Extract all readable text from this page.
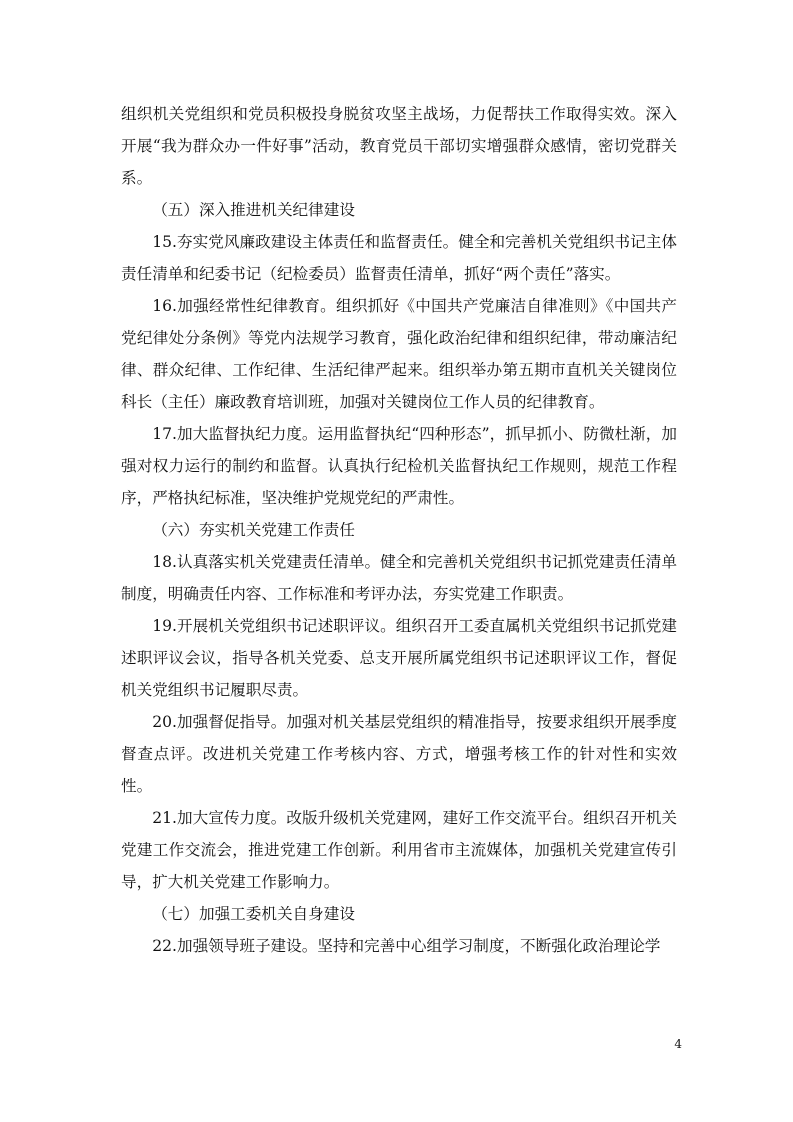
组织机关党组织和党员积极投身脱贫攻坚主战场，力促帮扶工作取得实效。深入开展“我为群众办一件好事”活动，教育党员干部切实增强群众感情，密切党群关系。

（五）深入推进机关纪律建设

15.夯实党风廉政建设主体责任和监督责任。健全和完善机关党组织书记主体责任清单和纪委书记（纪检委员）监督责任清单，抓好“两个责任”落实。

16.加强经常性纪律教育。组织抓好《中国共产党廉洁自律准则》《中国共产党纪律处分条例》等党内法规学习教育，强化政治纪律和组织纪律，带动廉洁纪律、群众纪律、工作纪律、生活纪律严起来。组织举办第五期市直机关关键岗位科长（主任）廉政教育培训班，加强对关键岗位工作人员的纪律教育。

17.加大监督执纪力度。运用监督执纪“四种形态”，抓早抓小、防微杜渐，加强对权力运行的制约和监督。认真执行纪检机关监督执纪工作规则，规范工作程序，严格执纪标准，坚决维护党规党纪的严肃性。

（六）夯实机关党建工作责任

18.认真落实机关党建责任清单。健全和完善机关党组织书记抓党建责任清单制度，明确责任内容、工作标准和考评办法，夯实党建工作职责。

19.开展机关党组织书记述职评议。组织召开工委直属机关党组织书记抓党建述职评议会议，指导各机关党委、总支开展所属党组织书记述职评议工作，督促机关党组织书记履职尽责。

20.加强督促指导。加强对机关基层党组织的精准指导，按要求组织开展季度督查点评。改进机关党建工作考核内容、方式，增强考核工作的针对性和实效性。

21.加大宣传力度。改版升级机关党建网，建好工作交流平台。组织召开机关党建工作交流会，推进党建工作创新。利用省市主流媒体，加强机关党建宣传引导，扩大机关党建工作影响力。

（七）加强工委机关自身建设

22.加强领导班子建设。坚持和完善中心组学习制度，不断强化政治理论学

4
